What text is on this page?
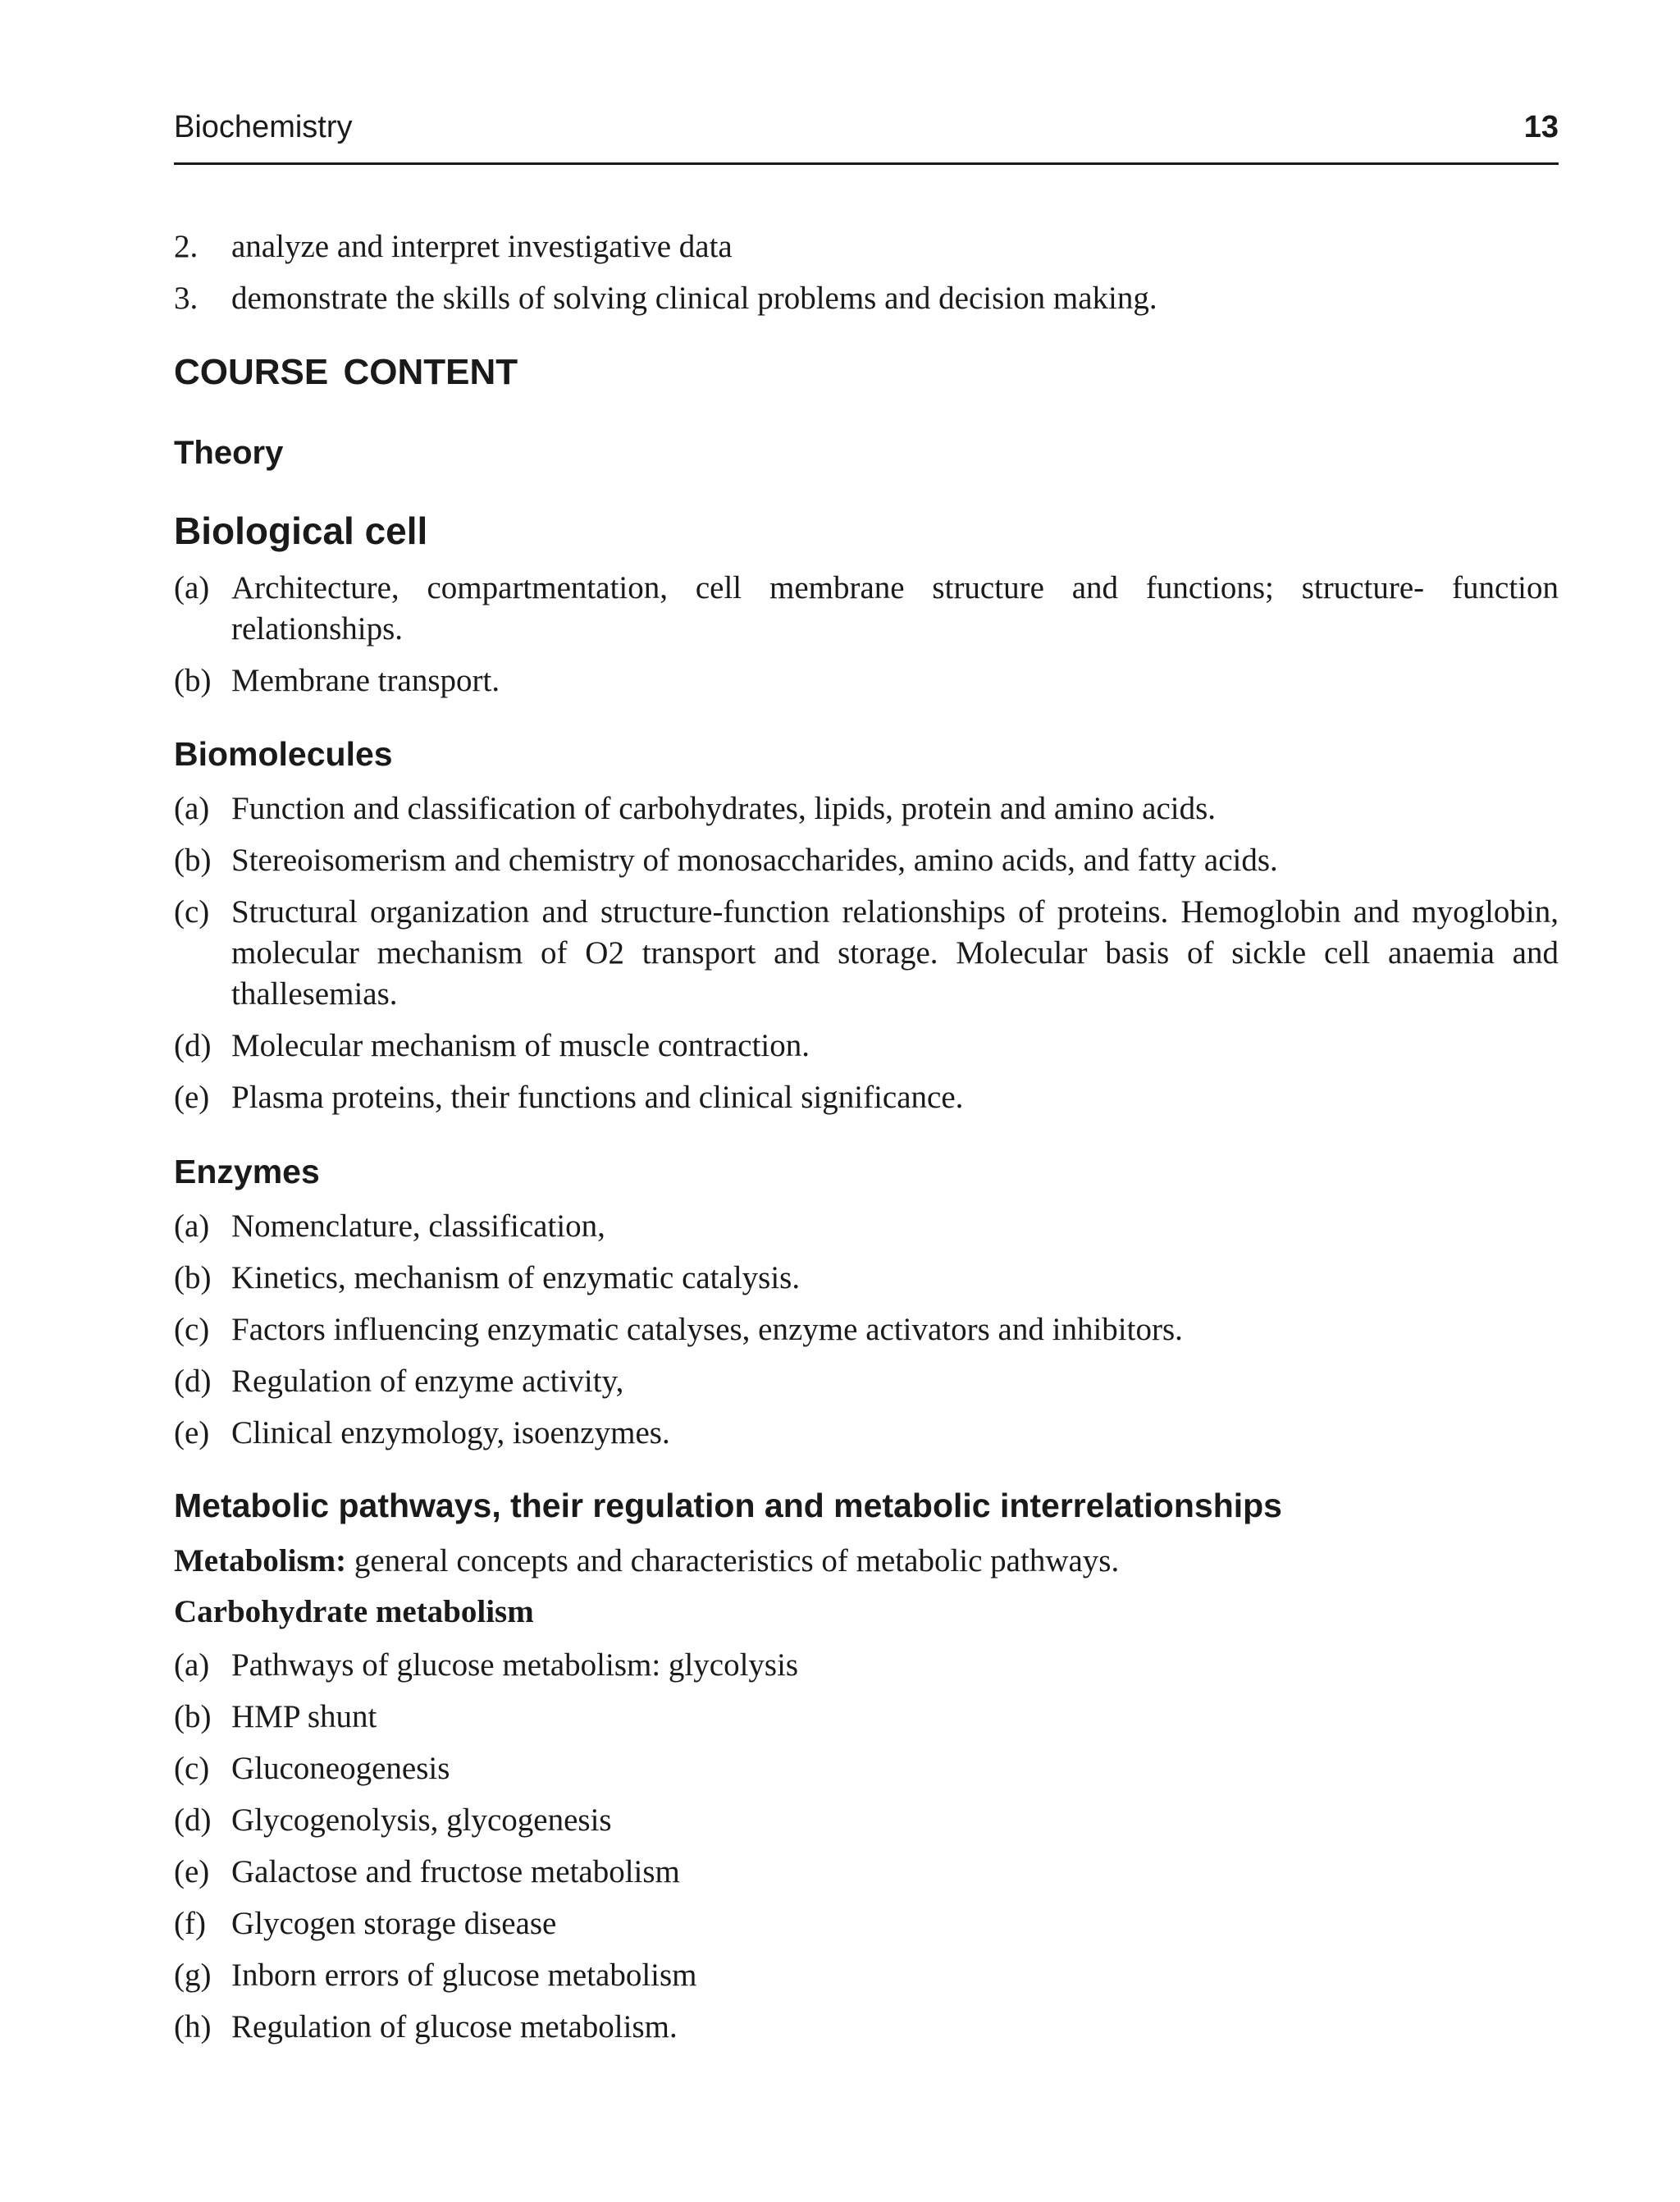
Biochemistry	13
2. analyze and interpret investigative data
3. demonstrate the skills of solving clinical problems and decision making.
COURSE CONTENT
Theory
Biological cell
(a) Architecture, compartmentation, cell membrane structure and functions; structure- function relationships.
(b) Membrane transport.
Biomolecules
(a) Function and classification of carbohydrates, lipids, protein and amino acids.
(b) Stereoisomerism and chemistry of monosaccharides, amino acids, and fatty acids.
(c) Structural organization and structure-function relationships of proteins. Hemoglobin and myoglobin, molecular mechanism of O2 transport and storage. Molecular basis of sickle cell anaemia and thallesemias.
(d) Molecular mechanism of muscle contraction.
(e) Plasma proteins, their functions and clinical significance.
Enzymes
(a) Nomenclature, classification,
(b) Kinetics, mechanism of enzymatic catalysis.
(c) Factors influencing enzymatic catalyses, enzyme activators and inhibitors.
(d) Regulation of enzyme activity,
(e) Clinical enzymology, isoenzymes.
Metabolic pathways, their regulation and metabolic interrelationships
Metabolism: general concepts and characteristics of metabolic pathways.
Carbohydrate metabolism
(a) Pathways of glucose metabolism: glycolysis
(b) HMP shunt
(c) Gluconeogenesis
(d) Glycogenolysis, glycogenesis
(e) Galactose and fructose metabolism
(f) Glycogen storage disease
(g) Inborn errors of glucose metabolism
(h) Regulation of glucose metabolism.
